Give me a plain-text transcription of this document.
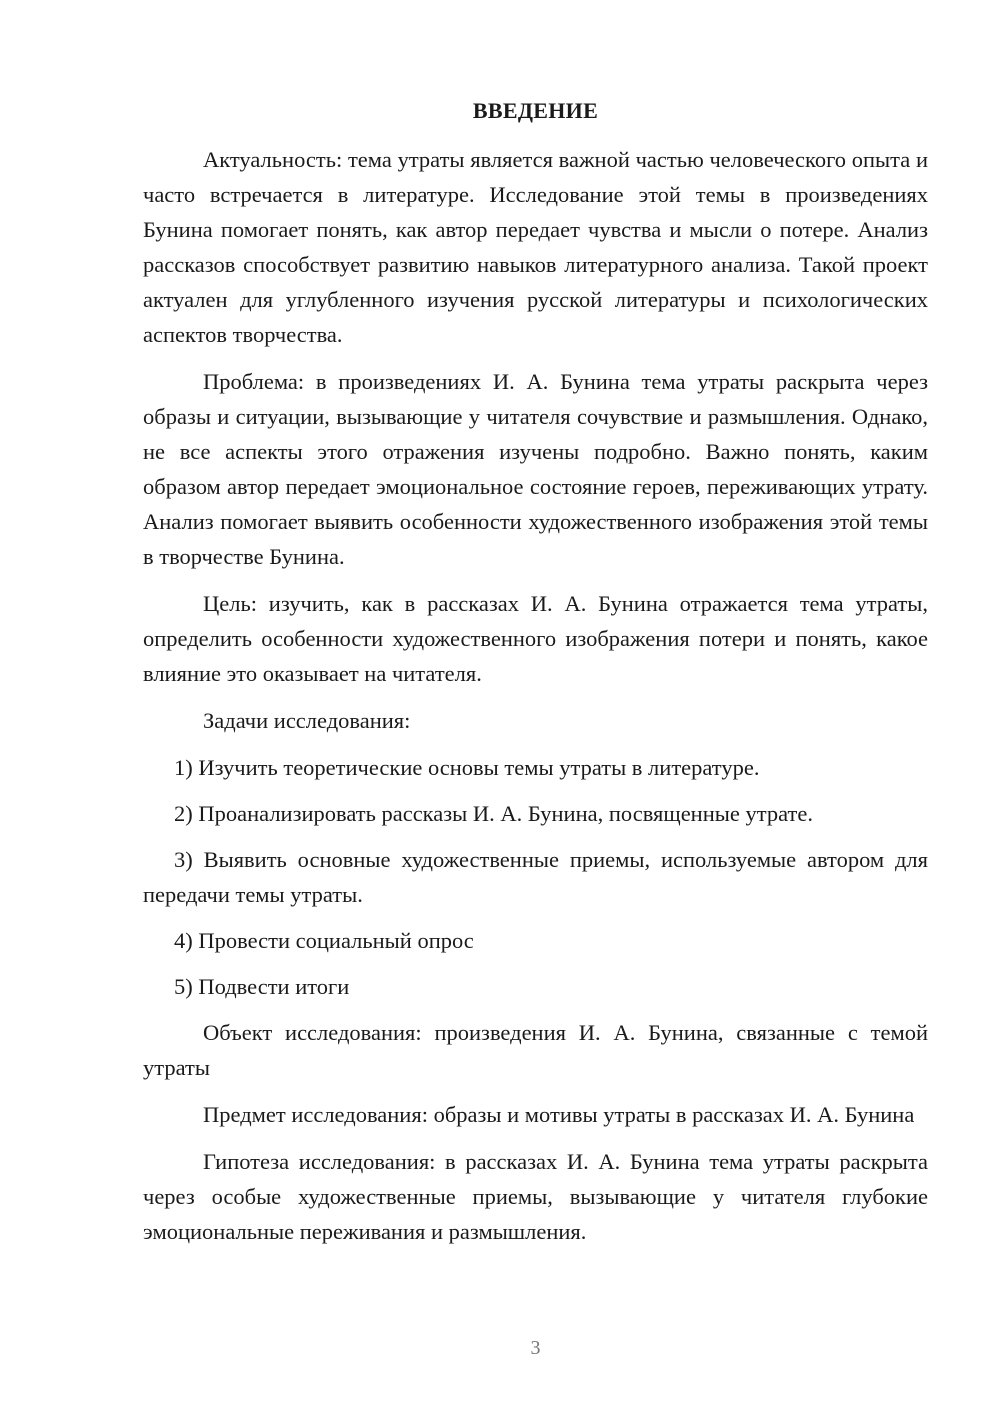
ВВЕДЕНИЕ

Актуальность: тема утраты является важной частью человеческого опыта и часто встречается в литературе. Исследование этой темы в произведениях Бунина помогает понять, как автор передает чувства и мысли о потере. Анализ рассказов способствует развитию навыков литературного анализа. Такой проект актуален для углубленного изучения русской литературы и психологических аспектов творчества.

Проблема: в произведениях И. А. Бунина тема утраты раскрыта через образы и ситуации, вызывающие у читателя сочувствие и размышления. Однако, не все аспекты этого отражения изучены подробно. Важно понять, каким образом автор передает эмоциональное состояние героев, переживающих утрату. Анализ помогает выявить особенности художественного изображения этой темы в творчестве Бунина.

Цель: изучить, как в рассказах И. А. Бунина отражается тема утраты, определить особенности художественного изображения потери и понять, какое влияние это оказывает на читателя.

Задачи исследования:

1) Изучить теоретические основы темы утраты в литературе.

2) Проанализировать рассказы И. А. Бунина, посвященные утрате.

3) Выявить основные художественные приемы, используемые автором для передачи темы утраты.

4) Провести социальный опрос

5) Подвести итоги

Объект исследования: произведения И. А. Бунина, связанные с темой утраты

Предмет исследования: образы и мотивы утраты в рассказах И. А. Бунина

Гипотеза исследования: в рассказах И. А. Бунина тема утраты раскрыта через особые художественные приемы, вызывающие у читателя глубокие эмоциональные переживания и размышления.

3
